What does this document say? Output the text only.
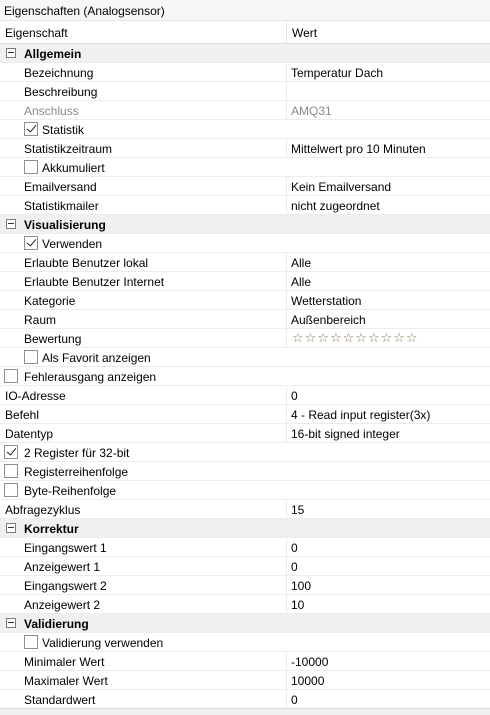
Eigenschaften (Analogsensor)
Eigenschaft	Wert
Allgemein
Bezeichnung	Temperatur Dach
Beschreibung
Anschluss	AMQ31
Statistik
Statistikzeitraum	Mittelwert pro 10 Minuten
Akkumuliert
Emailversand	Kein Emailversand
Statistikmailer	nicht zugeordnet
Visualisierung
Verwenden
Erlaubte Benutzer lokal	Alle
Erlaubte Benutzer Internet	Alle
Kategorie	Wetterstation
Raum	Außenbereich
Bewertung	☆ ☆ ☆ ☆ ☆ ☆ ☆ ☆ ☆ ☆
Als Favorit anzeigen
Fehlerausgang anzeigen
IO-Adresse	0
Befehl	4 - Read input register(3x)
Datentyp	16-bit signed integer
2 Register für 32-bit
Registerreihenfolge
Byte-Reihenfolge
Abfragezyklus	15
Korrektur
Eingangswert 1	0
Anzeigewert 1	0
Eingangswert 2	100
Anzeigewert 2	10
Validierung
Validierung verwenden
Minimaler Wert	-10000
Maximaler Wert	10000
Standardwert	0
